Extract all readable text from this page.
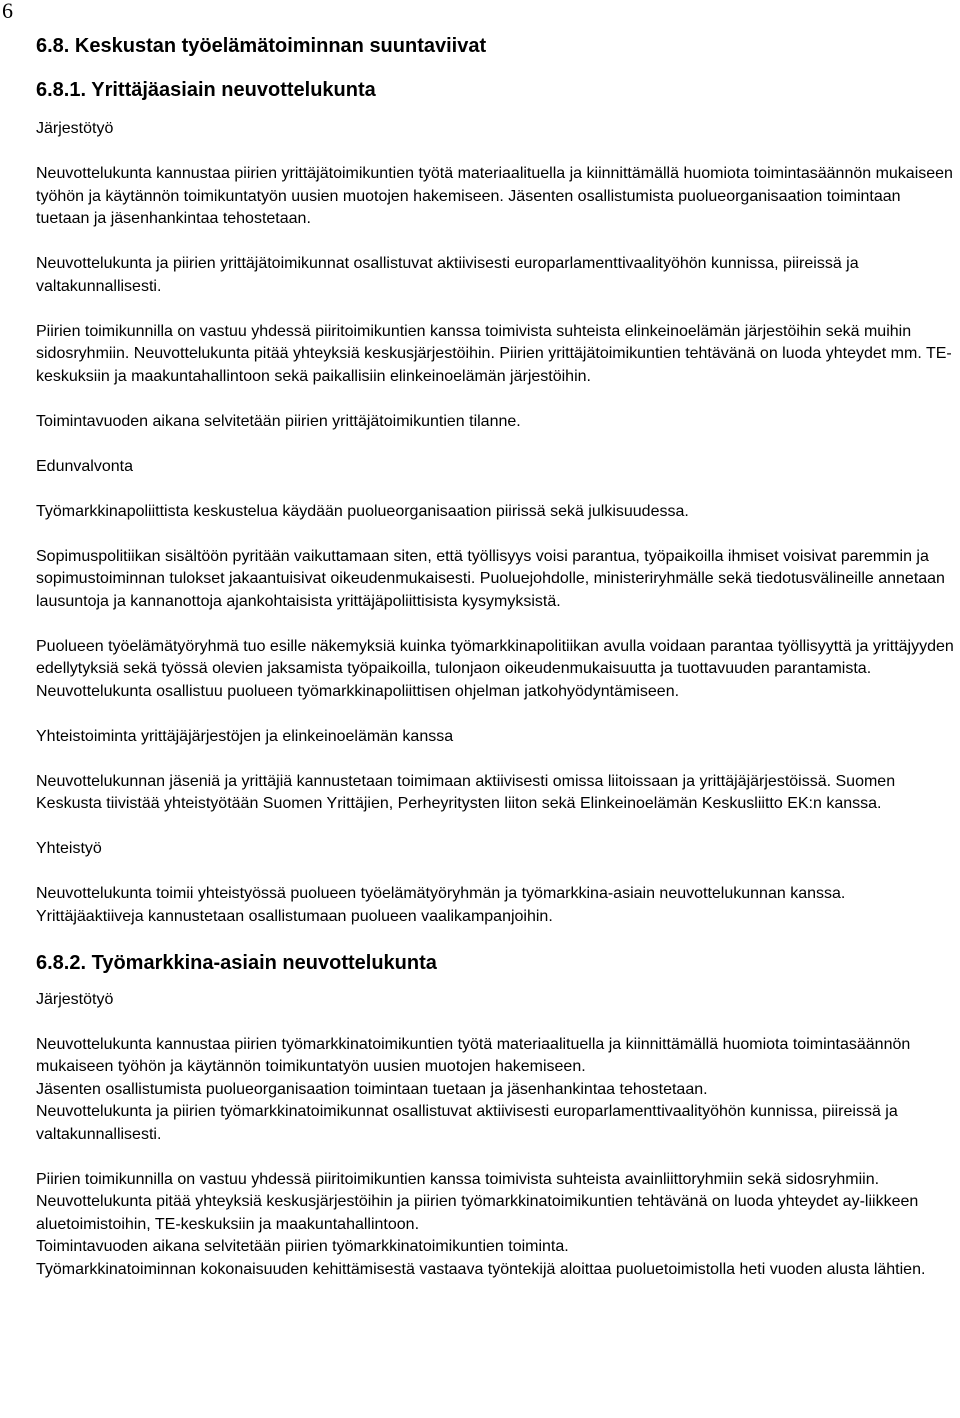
6
6.8. Keskustan työelämätoiminnan suuntaviivat
6.8.1. Yrittäjäasiain neuvottelukunta
Järjestötyö

Neuvottelukunta kannustaa piirien yrittäjätoimikuntien työtä materiaalituella ja kiinnittämällä huomiota toimintasäännön mukaiseen työhön ja käytännön toimikuntatyön uusien muotojen hakemiseen. Jäsenten osallistumista puolueorganisaation toimintaan tuetaan ja jäsenhankintaa tehostetaan.

Neuvottelukunta ja piirien yrittäjätoimikunnat osallistuvat aktiivisesti europarlamenttivaalityöhön kunnissa, piireissä ja valtakunnallisesti.

Piirien toimikunnilla on vastuu yhdessä piiritoimikuntien kanssa toimivista suhteista elinkeinoelämän järjestöihin sekä muihin sidosryhmiin. Neuvottelukunta pitää yhteyksiä keskusjärjestöihin. Piirien yrittäjätoimikuntien tehtävänä on luoda yhteydet mm. TE-keskuksiin ja maakuntahallintoon sekä paikallisiin elinkeinoelämän järjestöihin.

Toimintavuoden aikana selvitetään piirien yrittäjätoimikuntien tilanne.

Edunvalvonta

Työmarkkinapoliittista keskustelua käydään puolueorganisaation piirissä sekä julkisuudessa.

Sopimuspolitiikan sisältöön pyritään vaikuttamaan siten, että työllisyys voisi parantua, työpaikoilla ihmiset voisivat paremmin ja sopimustoiminnan tulokset jakaantuisivat oikeudenmukaisesti. Puoluejohdolle, ministeriryhmälle sekä tiedotusvälineille annetaan lausuntoja ja kannanottoja ajankohtaisista yrittäjäpoliittisista kysymyksistä.

Puolueen työelämätyöryhmä tuo esille näkemyksiä kuinka työmarkkinapolitiikan avulla voidaan parantaa työllisyyttä ja yrittäjyyden edellytyksiä sekä työssä olevien jaksamista työpaikoilla, tulonjaon oikeudenmukaisuutta ja tuottavuuden parantamista. Neuvottelukunta osallistuu puolueen työmarkkinapoliittisen ohjelman jatkohyödyntämiseen.

Yhteistoiminta yrittäjäjärjestöjen ja elinkeinoelämän kanssa

Neuvottelukunnan jäseniä ja yrittäjiä kannustetaan toimimaan aktiivisesti omissa liitoissaan ja yrittäjäjärjestöissä. Suomen Keskusta tiivistää yhteistyötään Suomen Yrittäjien, Perheyritysten liiton sekä Elinkeinoelämän Keskusliitto EK:n kanssa.

Yhteistyö

Neuvottelukunta toimii yhteistyössä puolueen työelämätyöryhmän ja työmarkkina-asiain neuvottelukunnan kanssa. Yrittäjäaktiiveja kannustetaan osallistumaan puolueen vaalikampanjoihin.

6.8.2. Työmarkkina-asiain neuvottelukunta
Järjestötyö

Neuvottelukunta kannustaa piirien työmarkkinatoimikuntien työtä materiaalituella ja kiinnittämällä huomiota toimintasäännön mukaiseen työhön ja käytännön toimikuntatyön uusien muotojen hakemiseen.

Jäsenten osallistumista puolueorganisaation toimintaan tuetaan ja jäsenhankintaa tehostetaan.

Neuvottelukunta ja piirien työmarkkinatoimikunnat osallistuvat aktiivisesti europarlamenttivaalityöhön kunnissa, piireissä ja valtakunnallisesti.

Piirien toimikunnilla on vastuu yhdessä piiritoimikuntien kanssa toimivista suhteista avainliittoryhmiin sekä sidosryhmiin. Neuvottelukunta pitää yhteyksiä keskusjärjestöihin ja piirien työmarkkinatoimikuntien tehtävänä on luoda yhteydet ay-liikkeen aluetoimistoihin, TE-keskuksiin ja maakuntahallintoon.

Toimintavuoden aikana selvitetään piirien työmarkkinatoimikuntien toiminta.

Työmarkkinatoiminnan kokonaisuuden kehittämisestä vastaava työntekijä aloittaa puoluetoimistolla heti vuoden alusta lähtien.
